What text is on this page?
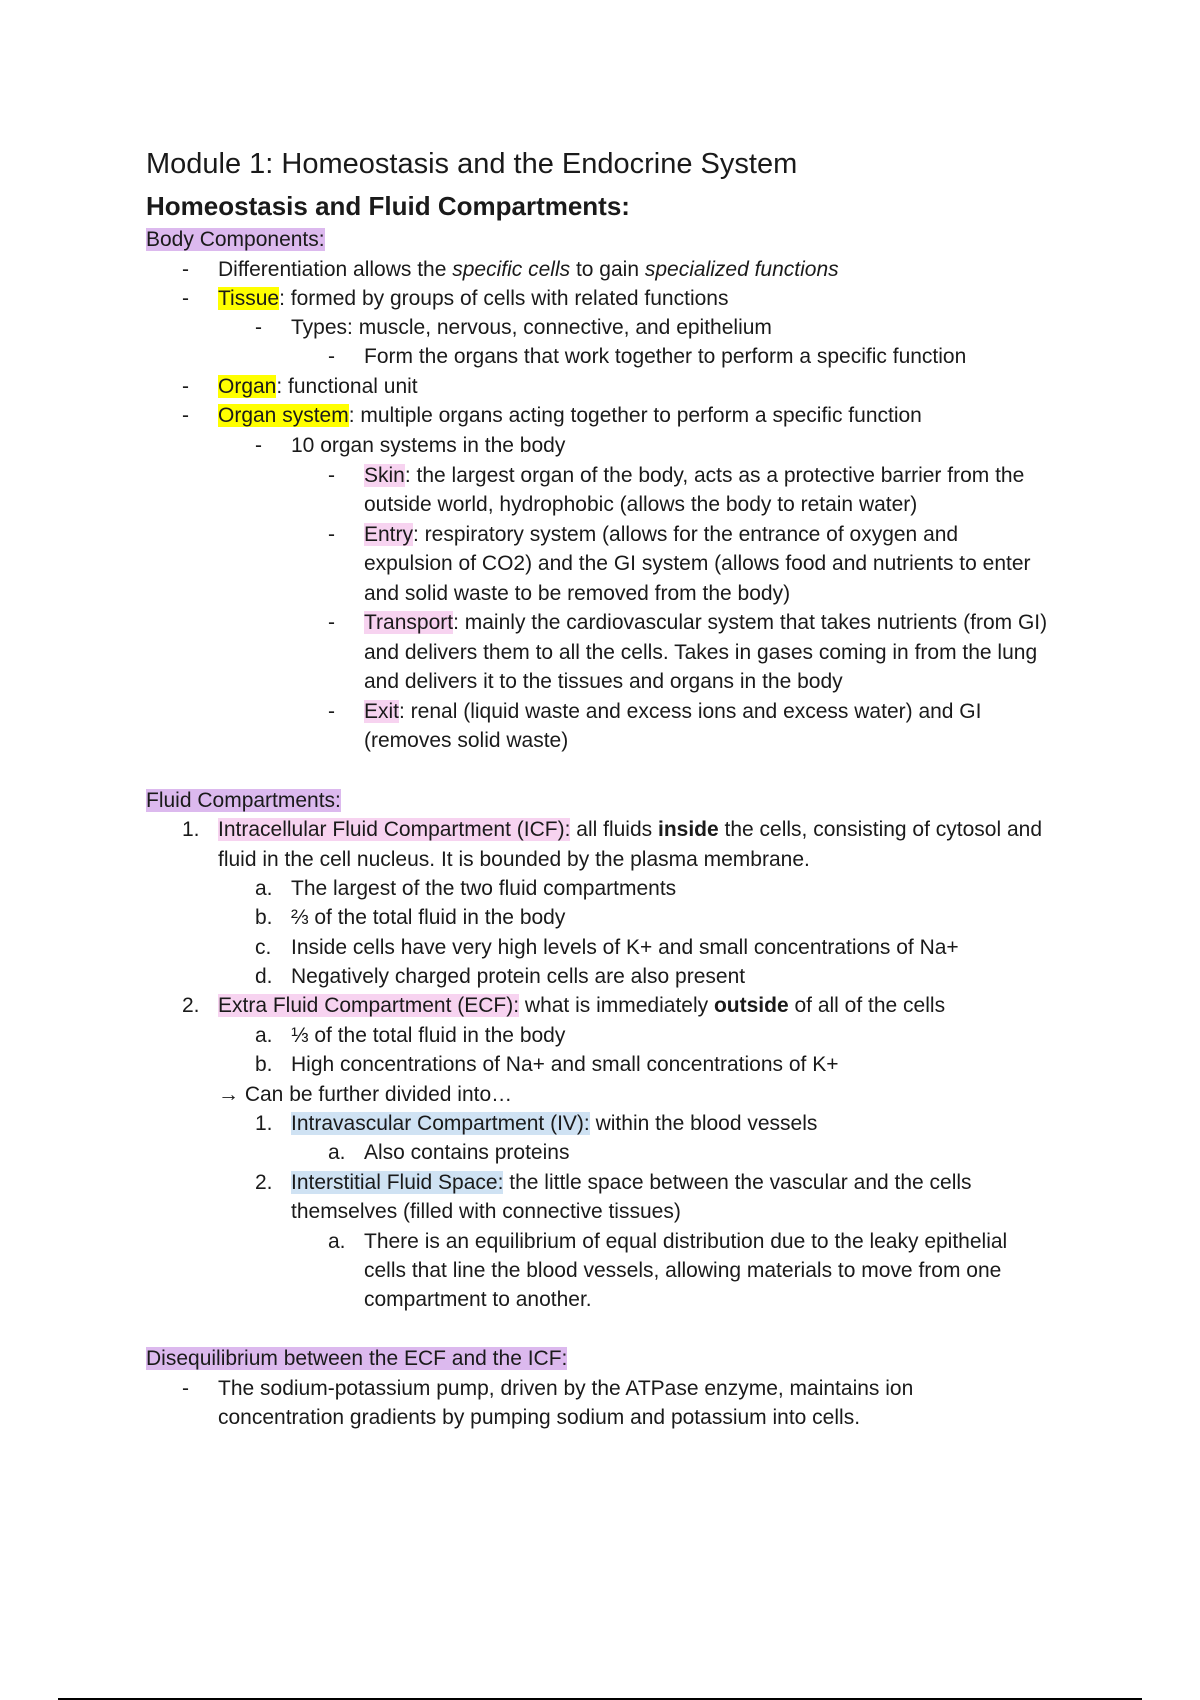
Module 1: Homeostasis and the Endocrine System
Homeostasis and Fluid Compartments:
Body Components:
- Differentiation allows the specific cells to gain specialized functions
- Tissue: formed by groups of cells with related functions
- Types: muscle, nervous, connective, and epithelium
- Form the organs that work together to perform a specific function
- Organ: functional unit
- Organ system: multiple organs acting together to perform a specific function
- 10 organ systems in the body
- Skin: the largest organ of the body, acts as a protective barrier from the
outside world, hydrophobic (allows the body to retain water)
- Entry: respiratory system (allows for the entrance of oxygen and
expulsion of CO2) and the GI system (allows food and nutrients to enter
and solid waste to be removed from the body)
- Transport: mainly the cardiovascular system that takes nutrients (from GI)
and delivers them to all the cells. Takes in gases coming in from the lung
and delivers it to the tissues and organs in the body
- Exit: renal (liquid waste and excess ions and excess water) and GI
(removes solid waste)
Fluid Compartments:
1. Intracellular Fluid Compartment (ICF): all fluids inside the cells, consisting of cytosol and
fluid in the cell nucleus. It is bounded by the plasma membrane.
a. The largest of the two fluid compartments
b. ⅔ of the total fluid in the body
c. Inside cells have very high levels of K+ and small concentrations of Na+
d. Negatively charged protein cells are also present
2. Extra Fluid Compartment (ECF): what is immediately outside of all of the cells
a. ⅓ of the total fluid in the body
b. High concentrations of Na+ and small concentrations of K+
→ Can be further divided into…
1. Intravascular Compartment (IV): within the blood vessels
a. Also contains proteins
2. Interstitial Fluid Space: the little space between the vascular and the cells
themselves (filled with connective tissues)
a. There is an equilibrium of equal distribution due to the leaky epithelial
cells that line the blood vessels, allowing materials to move from one
compartment to another.
Disequilibrium between the ECF and the ICF:
- The sodium-potassium pump, driven by the ATPase enzyme, maintains ion
concentration gradients by pumping sodium and potassium into cells.
